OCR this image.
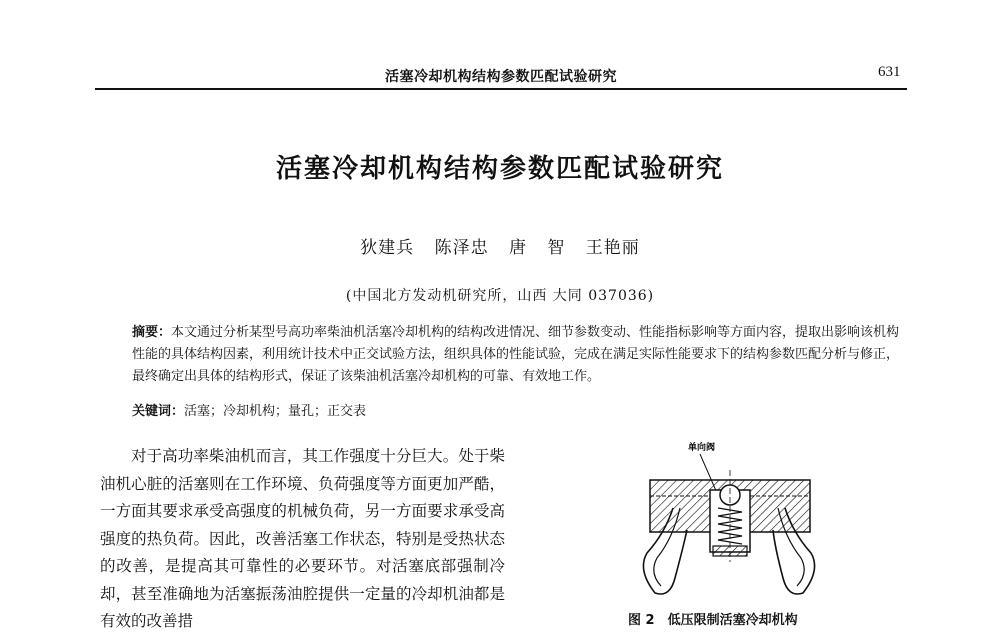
活塞冷却机构结构参数匹配试验研究	631
活塞冷却机构结构参数匹配试验研究
狄建兵 陈泽忠 唐 智 王艳丽
(中国北方发动机研究所，山西 大同 037036)
摘要：本文通过分析某型号高功率柴油机活塞冷却机构的结构改进情况、细节参数变动、性能指标影响等方面内容，提取出影响该机构性能的具体结构因素，利用统计技术中正交试验方法，组织具体的性能试验，完成在满足实际性能要求下的结构参数匹配分析与修正，最终确定出具体的结构形式，保证了该柴油机活塞冷却机构的可靠、有效地工作。
关键词：活塞；冷却机构；量孔；正交表

对于高功率柴油机而言，其工作强度十分巨大。处于柴油机心脏的活塞则在工作环境、负荷强度等方面更加严酷，一方面其要求承受高强度的机械负荷，另一方面要求承受高强度的热负荷。因此，改善活塞工作状态，特别是受热状态的改善，是提高其可靠性的必要环节。对活塞底部强制冷却，甚至准确地为活塞振荡油腔提供一定量的冷却机油都是有效的改善措

单向阀
图 2　低压限制活塞冷却机构
